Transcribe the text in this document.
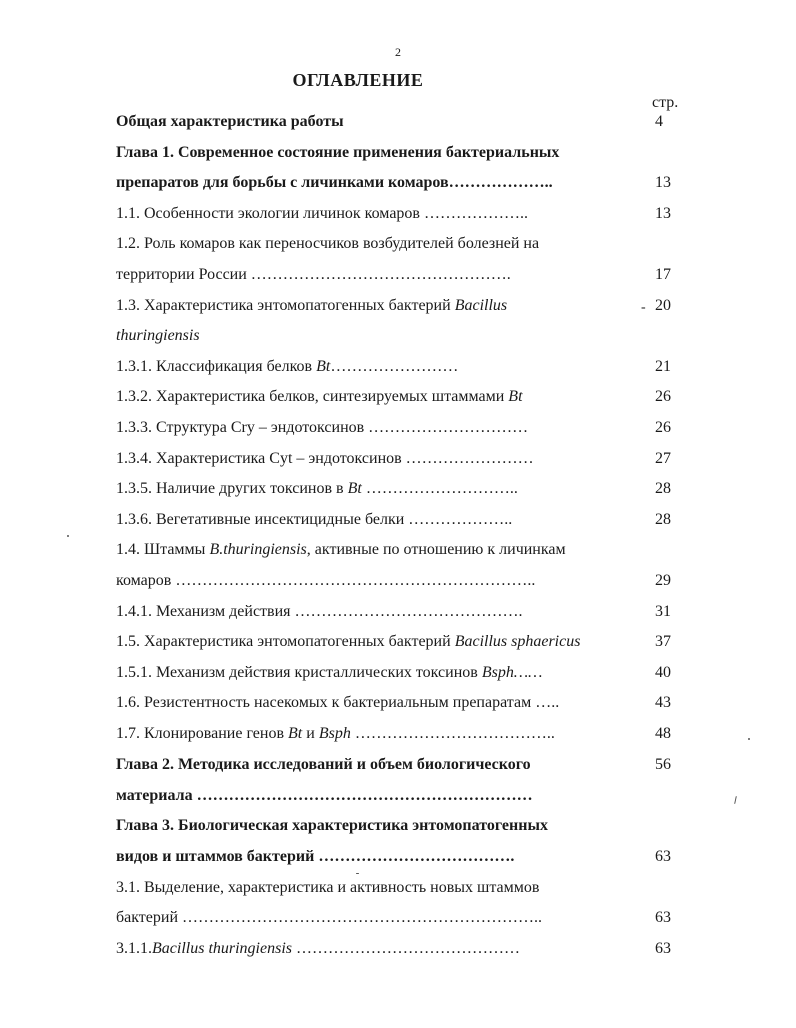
2
ОГЛАВЛЕНИЕ
стр.
Общая характеристика работы	4
Глава 1. Современное состояние применения бактериальных
препаратов для борьбы с личинками комаров………………..	13
1.1. Особенности экологии личинок комаров ………………..	13
1.2. Роль комаров как переносчиков возбудителей болезней на
территории России ………………………………………….	17
1.3. Характеристика энтомопатогенных бактерий Bacillus	- 20
thuringiensis
1.3.1. Классификация белков Bt……………………	21
1.3.2. Характеристика белков, синтезируемых штаммами Bt	26
1.3.3. Структура Cry – эндотоксинов …………………………	26
1.3.4. Характеристика Cyt – эндотоксинов ……………………	27
1.3.5. Наличие других токсинов в Bt ………………………..	28
1.3.6. Вегетативные инсектицидные белки ………………..	28
1.4. Штаммы B.thuringiensis, активные по отношению к личинкам
комаров …………………………………………………………..	29
1.4.1. Механизм действия …………………………………….	31
1.5. Характеристика энтомопатогенных бактерий Bacillus sphaericus	37
1.5.1. Механизм действия кристаллических токсинов Bsph……	40
1.6. Резистентность насекомых к бактериальным препаратам …..	43
1.7. Клонирование генов Bt и Bsph ………………………………..	48
Глава 2. Методика исследований и объем биологического	56
материала ………………………………………………………
Глава 3. Биологическая характеристика энтомопатогенных
видов и штаммов бактерий ……………………………….	63
3.1. Выделение, характеристика и активность новых штаммов
бактерий …………………………………………………………..	63
3.1.1.Bacillus thuringiensis ……………………………………	63
